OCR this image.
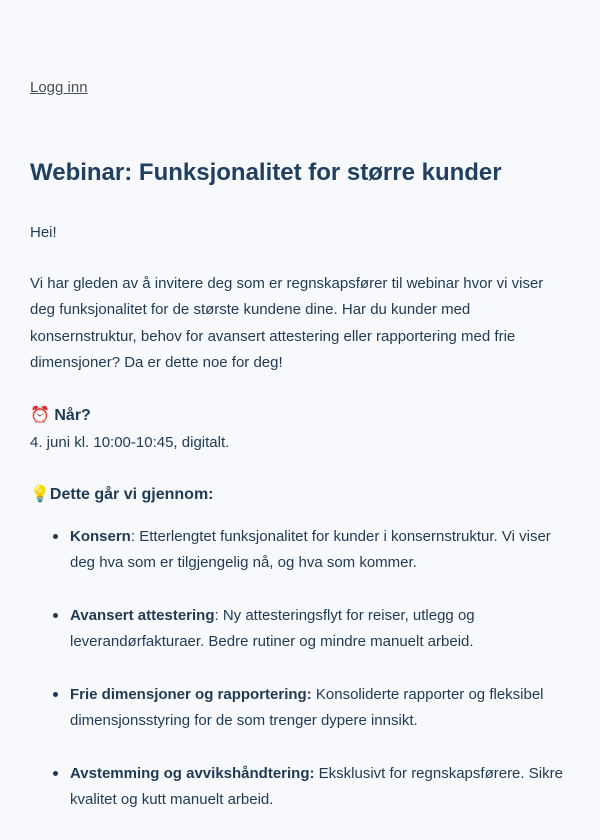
Logg inn
Webinar: Funksjonalitet for større kunder

Hei!

Vi har gleden av å invitere deg som er regnskapsfører til webinar hvor vi viser deg funksjonalitet for de største kundene dine. Har du kunder med konsernstruktur, behov for avansert attestering eller rapportering med frie dimensjoner? Da er dette noe for deg!

⏰ Når?

4. juni kl. 10:00-10:45, digitalt.

💡Dette går vi gjennom:
Konsern: Etterlengtet funksjonalitet for kunder i konsernstruktur. Vi viser deg hva som er tilgjengelig nå, og hva som kommer.
Avansert attestering: Ny attesteringsflyt for reiser, utlegg og leverandørfakturaer. Bedre rutiner og mindre manuelt arbeid.
Frie dimensjoner og rapportering: Konsoliderte rapporter og fleksibel dimensjonsstyring for de som trenger dypere innsikt.
Avstemming og avvikshåndtering: Eksklusivt for regnskapsførere. Sikre kvalitet og kutt manuelt arbeid.
